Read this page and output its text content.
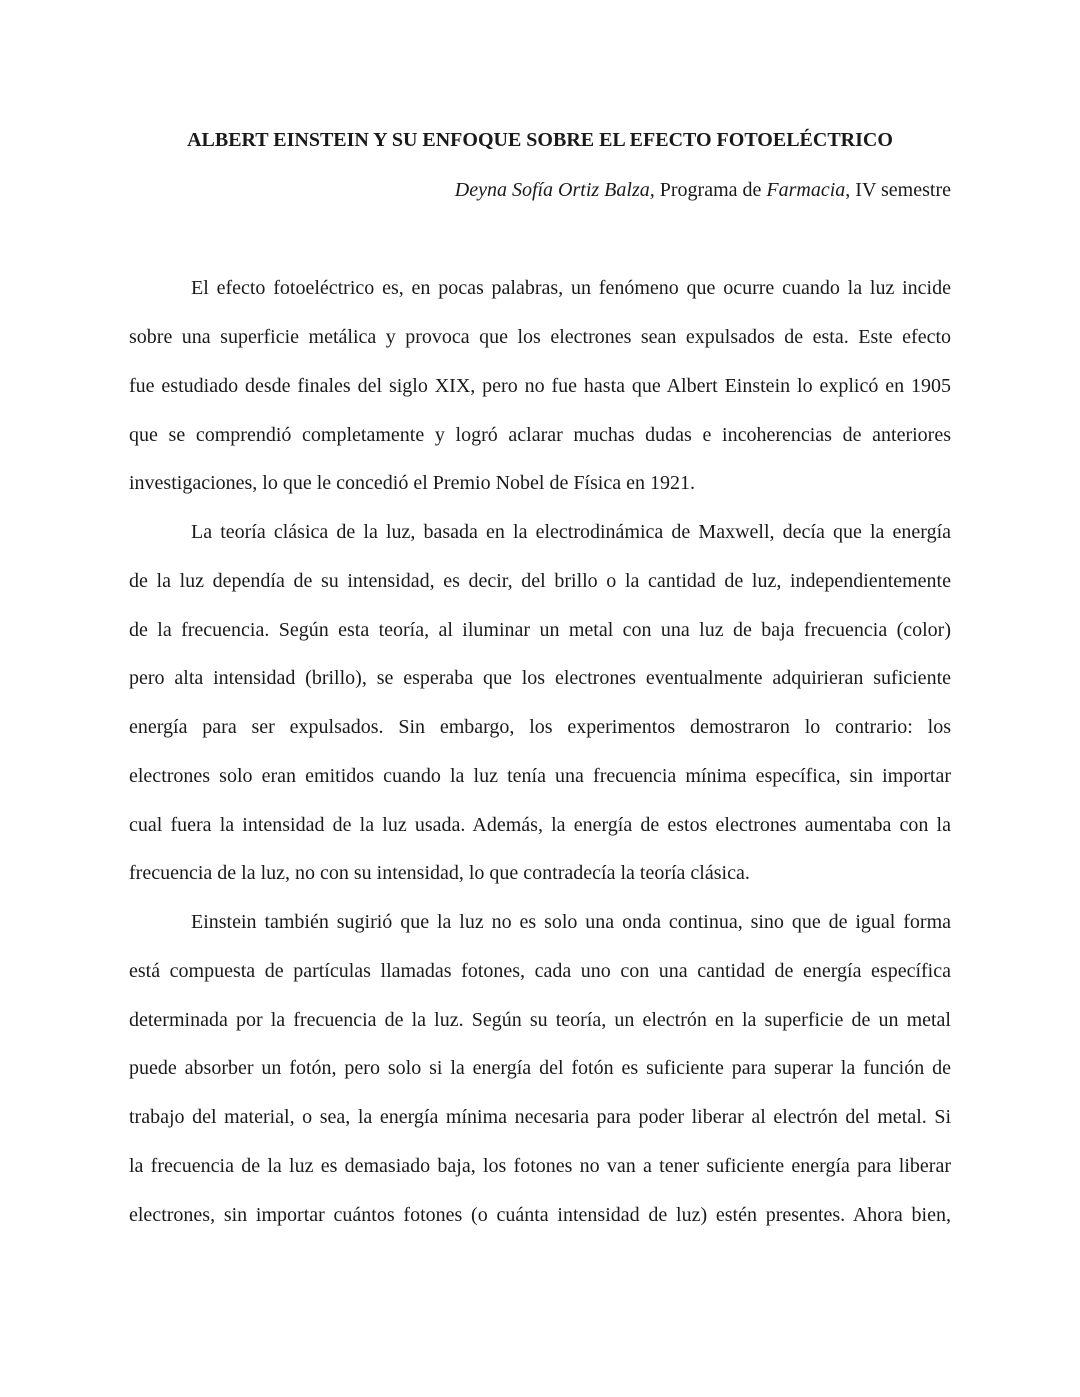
ALBERT EINSTEIN Y SU ENFOQUE SOBRE EL EFECTO FOTOELÉCTRICO
Deyna Sofía Ortiz Balza, Programa de Farmacia, IV semestre
El efecto fotoeléctrico es, en pocas palabras, un fenómeno que ocurre cuando la luz incide
sobre una superficie metálica y provoca que los electrones sean expulsados de esta. Este efecto
fue estudiado desde finales del siglo XIX, pero no fue hasta que Albert Einstein lo explicó en 1905
que se comprendió completamente y logró aclarar muchas dudas e incoherencias de anteriores
investigaciones, lo que le concedió el Premio Nobel de Física en 1921.
La teoría clásica de la luz, basada en la electrodinámica de Maxwell, decía que la energía
de la luz dependía de su intensidad, es decir, del brillo o la cantidad de luz, independientemente
de la frecuencia. Según esta teoría, al iluminar un metal con una luz de baja frecuencia (color)
pero alta intensidad (brillo), se esperaba que los electrones eventualmente adquirieran suficiente
energía para ser expulsados. Sin embargo, los experimentos demostraron lo contrario: los
electrones solo eran emitidos cuando la luz tenía una frecuencia mínima específica, sin importar
cual fuera la intensidad de la luz usada. Además, la energía de estos electrones aumentaba con la
frecuencia de la luz, no con su intensidad, lo que contradecía la teoría clásica.
Einstein también sugirió que la luz no es solo una onda continua, sino que de igual forma
está compuesta de partículas llamadas fotones, cada uno con una cantidad de energía específica
determinada por la frecuencia de la luz. Según su teoría, un electrón en la superficie de un metal
puede absorber un fotón, pero solo si la energía del fotón es suficiente para superar la función de
trabajo del material, o sea, la energía mínima necesaria para poder liberar al electrón del metal. Si
la frecuencia de la luz es demasiado baja, los fotones no van a tener suficiente energía para liberar
electrones, sin importar cuántos fotones (o cuánta intensidad de luz) estén presentes. Ahora bien,
